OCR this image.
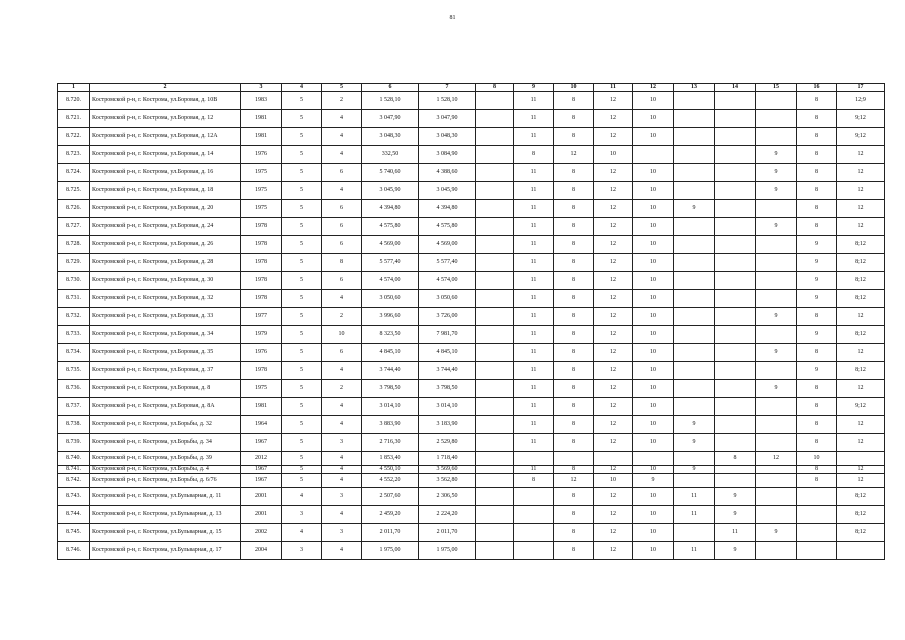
81
1	2	3	4	5	6	7	8	9	10	11	12	13	14	15	16	17
8.720.	Костромской р-н, г. Кострома, ул.Боровая, д. 10В	1983	5	2	1 528,10	1 528,10		11	8	12	10				8	12;9
8.721.	Костромской р-н, г. Кострома, ул.Боровая, д. 12	1981	5	4	3 047,90	3 047,90		11	8	12	10				8	9;12
8.722.	Костромской р-н, г. Кострома, ул.Боровая, д. 12А	1981	5	4	3 048,30	3 048,30		11	8	12	10				8	9;12
8.723.	Костромской р-н, г. Кострома, ул.Боровая, д. 14	1976	5	4	332,50	3 084,90		8	12	10				9	8	12
8.724.	Костромской р-н, г. Кострома, ул.Боровая, д. 16	1975	5	6	5 740,60	4 388,60		11	8	12	10			9	8	12
8.725.	Костромской р-н, г. Кострома, ул.Боровая, д. 18	1975	5	4	3 045,90	3 045,90		11	8	12	10			9	8	12
8.726.	Костромской р-н, г. Кострома, ул.Боровая, д. 20	1975	5	6	4 394,80	4 394,80		11	8	12	10	9			8	12
8.727.	Костромской р-н, г. Кострома, ул.Боровая, д. 24	1978	5	6	4 575,80	4 575,80		11	8	12	10			9	8	12
8.728.	Костромской р-н, г. Кострома, ул.Боровая, д. 26	1978	5	6	4 569,00	4 569,00		11	8	12	10				9	8;12
8.729.	Костромской р-н, г. Кострома, ул.Боровая, д. 28	1978	5	8	5 577,40	5 577,40		11	8	12	10				9	8;12
8.730.	Костромской р-н, г. Кострома, ул.Боровая, д. 30	1978	5	6	4 574,00	4 574,00		11	8	12	10				9	8;12
8.731.	Костромской р-н, г. Кострома, ул.Боровая, д. 32	1978	5	4	3 050,60	3 050,60		11	8	12	10				9	8;12
8.732.	Костромской р-н, г. Кострома, ул.Боровая, д. 33	1977	5	2	3 996,60	3 726,00		11	8	12	10			9	8	12
8.733.	Костромской р-н, г. Кострома, ул.Боровая, д. 34	1979	5	10	8 323,50	7 981,70		11	8	12	10				9	8;12
8.734.	Костромской р-н, г. Кострома, ул.Боровая, д. 35	1976	5	6	4 845,10	4 845,10		11	8	12	10			9	8	12
8.735.	Костромской р-н, г. Кострома, ул.Боровая, д. 37	1978	5	4	3 744,40	3 744,40		11	8	12	10				9	8;12
8.736.	Костромской р-н, г. Кострома, ул.Боровая, д. 8	1975	5	2	3 798,50	3 798,50		11	8	12	10			9	8	12
8.737.	Костромской р-н, г. Кострома, ул.Боровая, д. 8А	1981	5	4	3 014,10	3 014,10		11	8	12	10				8	9;12
8.738.	Костромской р-н, г. Кострома, ул.Борьбы, д. 32	1964	5	4	3 883,90	3 183,90		11	8	12	10	9			8	12
8.739.	Костромской р-н, г. Кострома, ул.Борьбы, д. 34	1967	5	3	2 716,30	2 529,80		11	8	12	10	9			8	12
8.740.	Костромской р-н, г. Кострома, ул.Борьбы, д. 39	2012	5	4	1 853,40	1 718,40							8	12	10	
8.741.	Костромской р-н, г. Кострома, ул.Борьбы, д. 4	1967	5	4	4 550,10	3 569,60		11	8	12	10	9			8	12
8.742.	Костромской р-н, г. Кострома, ул.Борьбы, д. 6/76	1967	5	4	4 552,20	3 562,80		8	12	10	9				8	12
8.743.	Костромской р-н, г. Кострома, ул.Бульварная, д. 11	2001	4	3	2 507,60	2 306,50			8	12	10	11	9			8;12
8.744.	Костромской р-н, г. Кострома, ул.Бульварная, д. 13	2001	3	4	2 459,20	2 224,20			8	12	10	11	9			8;12
8.745.	Костромской р-н, г. Кострома, ул.Бульварная, д. 15	2002	4	3	2 011,70	2 011,70			8	12	10		11	9		8;12
8.746.	Костромской р-н, г. Кострома, ул.Бульварная, д. 17	2004	3	4	1 975,00	1 975,00			8	12	10	11	9			
